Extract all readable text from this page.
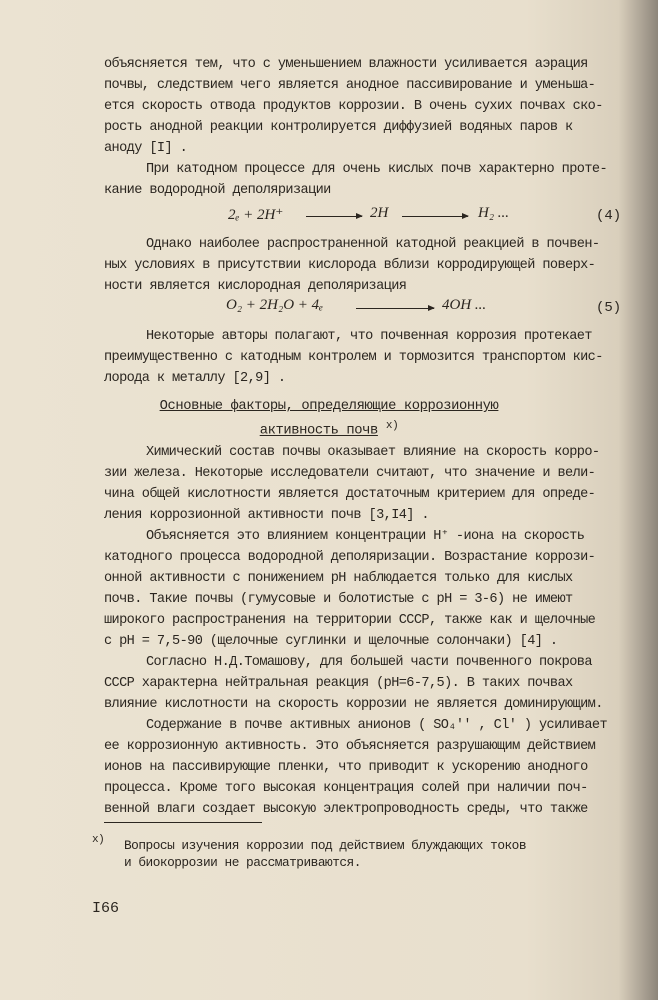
объясняется тем, что с уменьшением влажности усиливается аэрация
почвы, следствием чего является анодное пассивирование и уменьша-
ется скорость отвода продуктов коррозии. В очень сухих почвах ско-
рость анодной реакции контролируется диффузией водяных паров к
аноду [I] .
При катодном процессе для очень кислых почв характерно проте-
кание водородной деполяризации
2ₑ + 2H⁺	2H	H₂ ...	(4)
Однако наиболее распространенной катодной реакцией в почвен-
ных условиях в присутствии кислорода вблизи корродирующей поверх-
ности является кислородная деполяризация
O₂ + 2H₂O + 4ₑ	4OH ...	(5)
Некоторые авторы полагают, что почвенная коррозия протекает
преимущественно с катодным контролем и тормозится транспортом кис-
лорода к металлу [2,9] .
Основные факторы, определяющие коррозионную
активность почв $^{x)}$
Химический состав почвы оказывает влияние на скорость корро-
зии железа. Некоторые исследователи считают, что значение и вели-
чина общей кислотности является достаточным критерием для опреде-
ления коррозионной активности почв [3,I4] .
Объясняется это влиянием концентрации H⁺ -иона на скорость
катодного процесса водородной деполяризации. Возрастание коррози-
онной активности с понижением pH наблюдается только для кислых
почв. Такие почвы (гумусовые и болотистые с pH = 3-6) не имеют
широкого распространения на территории СССР, также как и щелочные
с pH = 7,5-90 (щелочные суглинки и щелочные солончаки) [4] .
Согласно Н.Д.Томашову, для большей части почвенного покрова
СССР характерна нейтральная реакция (pH=6-7,5). В таких почвах
влияние кислотности на скорость коррозии не является доминирующим.
Содержание в почве активных анионов ( SO₄'' , Cl' ) усиливает
ее коррозионную активность. Это объясняется разрушающим действием
ионов на пассивирующие пленки, что приводит к ускорению анодного
процесса. Кроме того высокая концентрация солей при наличии поч-
венной влаги создает высокую электропроводность среды, что также
x) Вопросы изучения коррозии под действием блуждающих токов
и биокоррозии не рассматриваются.
I66
